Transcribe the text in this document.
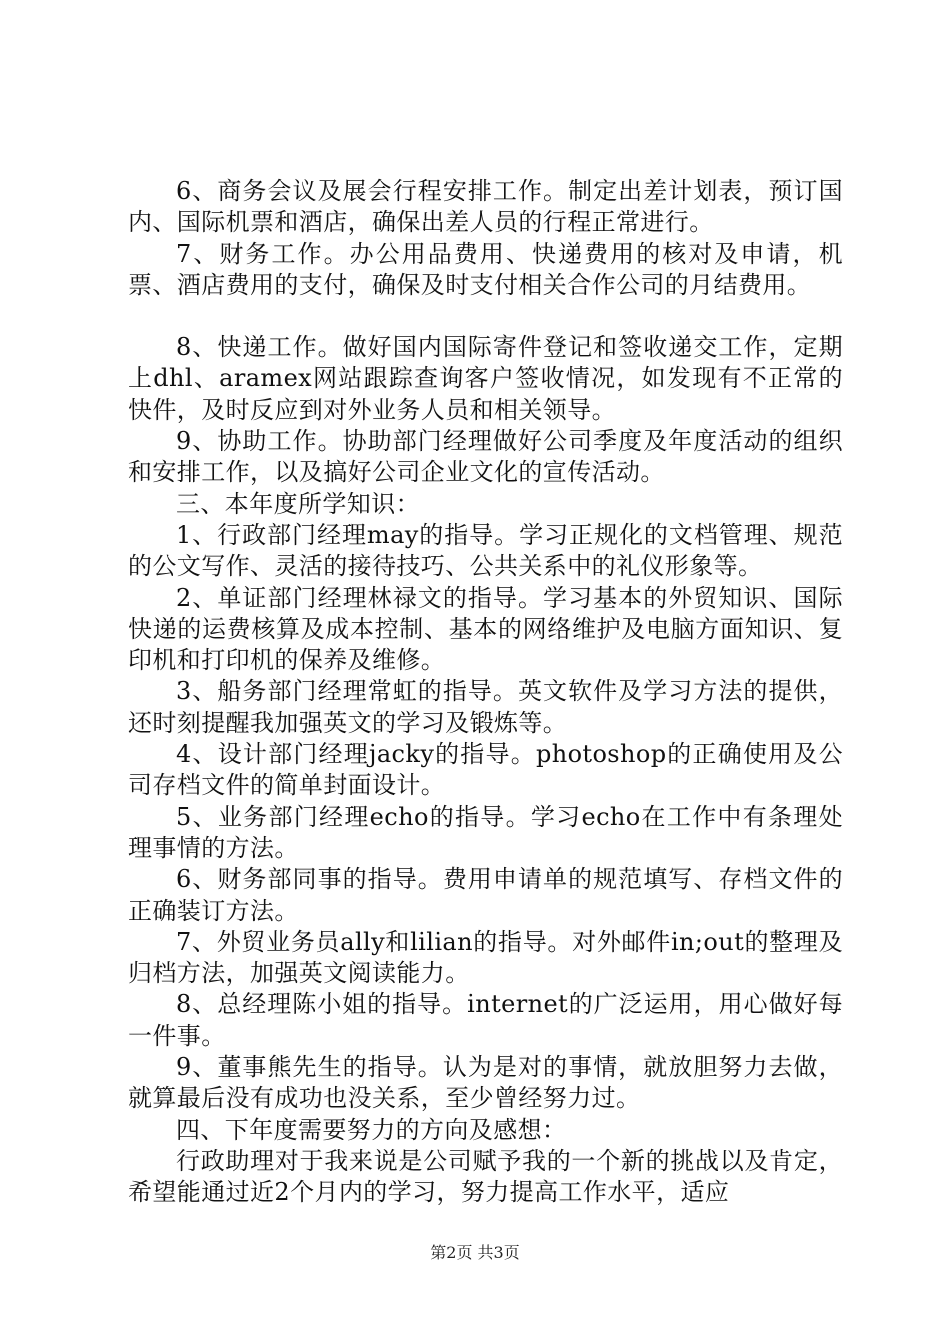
6、商务会议及展会行程安排工作。制定出差计划表，预订国内、国际机票和酒店，确保出差人员的行程正常进行。

7、财务工作。办公用品费用、快递费用的核对及申请，机票、酒店费用的支付，确保及时支付相关合作公司的月结费用。

8、快递工作。做好国内国际寄件登记和签收递交工作，定期上dhl、aramex网站跟踪查询客户签收情况，如发现有不正常的快件，及时反应到对外业务人员和相关领导。

9、协助工作。协助部门经理做好公司季度及年度活动的组织和安排工作，以及搞好公司企业文化的宣传活动。

三、本年度所学知识：

1、行政部门经理may的指导。学习正规化的文档管理、规范的公文写作、灵活的接待技巧、公共关系中的礼仪形象等。

2、单证部门经理林禄文的指导。学习基本的外贸知识、国际快递的运费核算及成本控制、基本的网络维护及电脑方面知识、复印机和打印机的保养及维修。

3、船务部门经理常虹的指导。英文软件及学习方法的提供，还时刻提醒我加强英文的学习及锻炼等。

4、设计部门经理jacky的指导。photoshop的正确使用及公司存档文件的简单封面设计。

5、业务部门经理echo的指导。学习echo在工作中有条理处理事情的方法。

6、财务部同事的指导。费用申请单的规范填写、存档文件的正确装订方法。

7、外贸业务员ally和lilian的指导。对外邮件in;out的整理及归档方法，加强英文阅读能力。

8、总经理陈小姐的指导。internet的广泛运用，用心做好每一件事。

9、董事熊先生的指导。认为是对的事情，就放胆努力去做，就算最后没有成功也没关系，至少曾经努力过。

四、下年度需要努力的方向及感想：

行政助理对于我来说是公司赋予我的一个新的挑战以及肯定，希望能通过近2个月内的学习，努力提高工作水平，适应

第2页 共3页
